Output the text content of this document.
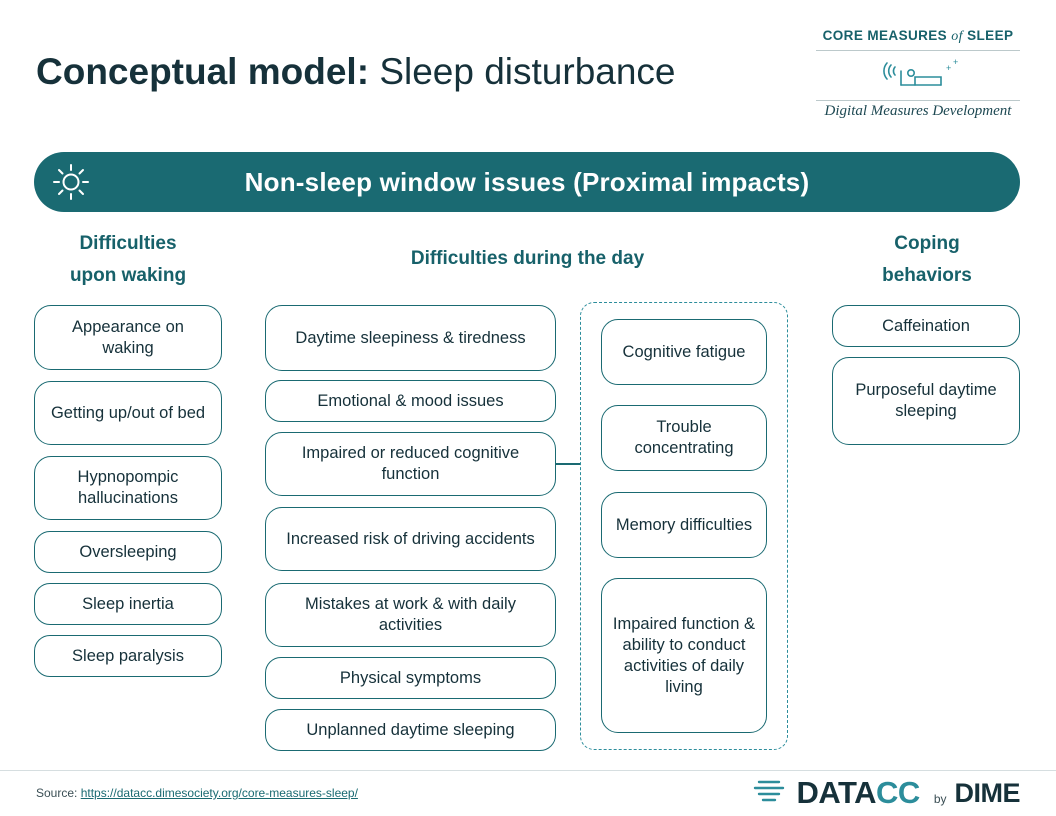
Conceptual model: Sleep disturbance
CORE MEASURES of SLEEP
+
+
Digital Measures Development
Non-sleep window issues (Proximal impacts)
Difficulties
upon waking
Difficulties during the day
Coping
behaviors
Appearance on waking
Getting up/out of bed
Hypnopompic hallucinations
Oversleeping
Sleep inertia
Sleep paralysis
Daytime sleepiness & tiredness
Emotional & mood issues
Impaired or reduced cognitive function
Increased risk of driving accidents
Mistakes at work & with daily activities
Physical symptoms
Unplanned daytime sleeping
Cognitive fatigue
Trouble concentrating
Memory difficulties
Impaired function & ability to conduct activities of daily living
Caffeination
Purposeful daytime sleeping
Source: https://datacc.dimesociety.org/core-measures-sleep/	DATA CC by DIME
